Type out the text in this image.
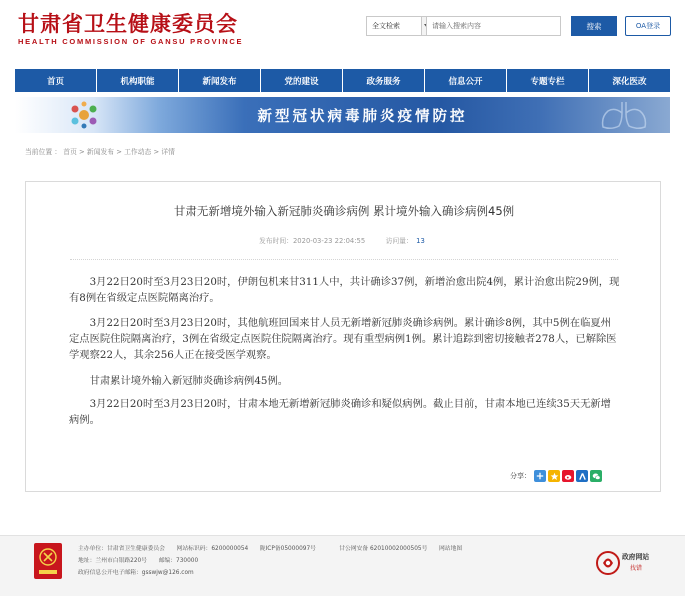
甘肃省卫生健康委员会
HEALTH COMMISSION OF GANSU PROVINCE
全文检索	请输入搜索内容	搜索	OA登录
首页	机构职能	新闻发布	党的建设	政务服务	信息公开	专题专栏	深化医改
新型冠状病毒肺炎疫情防控
当前位置 ： 首页 > 新闻发布 > 工作动态 > 详情
甘肃无新增境外输入新冠肺炎确诊病例 累计境外输入确诊病例45例
发布时间：2020-03-23 22:04:55　　　	访问量：　 13

3月22日20时至3月23日20时，伊朗包机来甘311人中，共计确诊37例，新增治愈出院4例，累计治愈出院29例，现有8例在省级定点医院隔离治疗。

3月22日20时至3月23日20时，其他航班回国来甘人员无新增新冠肺炎确诊病例。累计确诊8例，其中5例在临夏州定点医院住院隔离治疗，3例在省级定点医院住院隔离治疗。现有重型病例1例。累计追踪到密切接触者278人，已解除医学观察22人，其余256人正在接受医学观察。

甘肃累计境外输入新冠肺炎确诊病例45例。

3月22日20时至3月23日20时，甘肃本地无新增新冠肺炎确诊和疑似病例。截止目前，甘肃本地已连续35天无新增病例。

分享：
主办单位：甘肃省卫生健康委员会　　网站标识码：6200000054　　陇ICP备05000097号　　　　甘公网安备 62010002000505号　　网站地图
地址：兰州市白银路220号　　邮编：730000
政府信息公开电子邮箱：gsswjw@126.com
政府网站
找错
